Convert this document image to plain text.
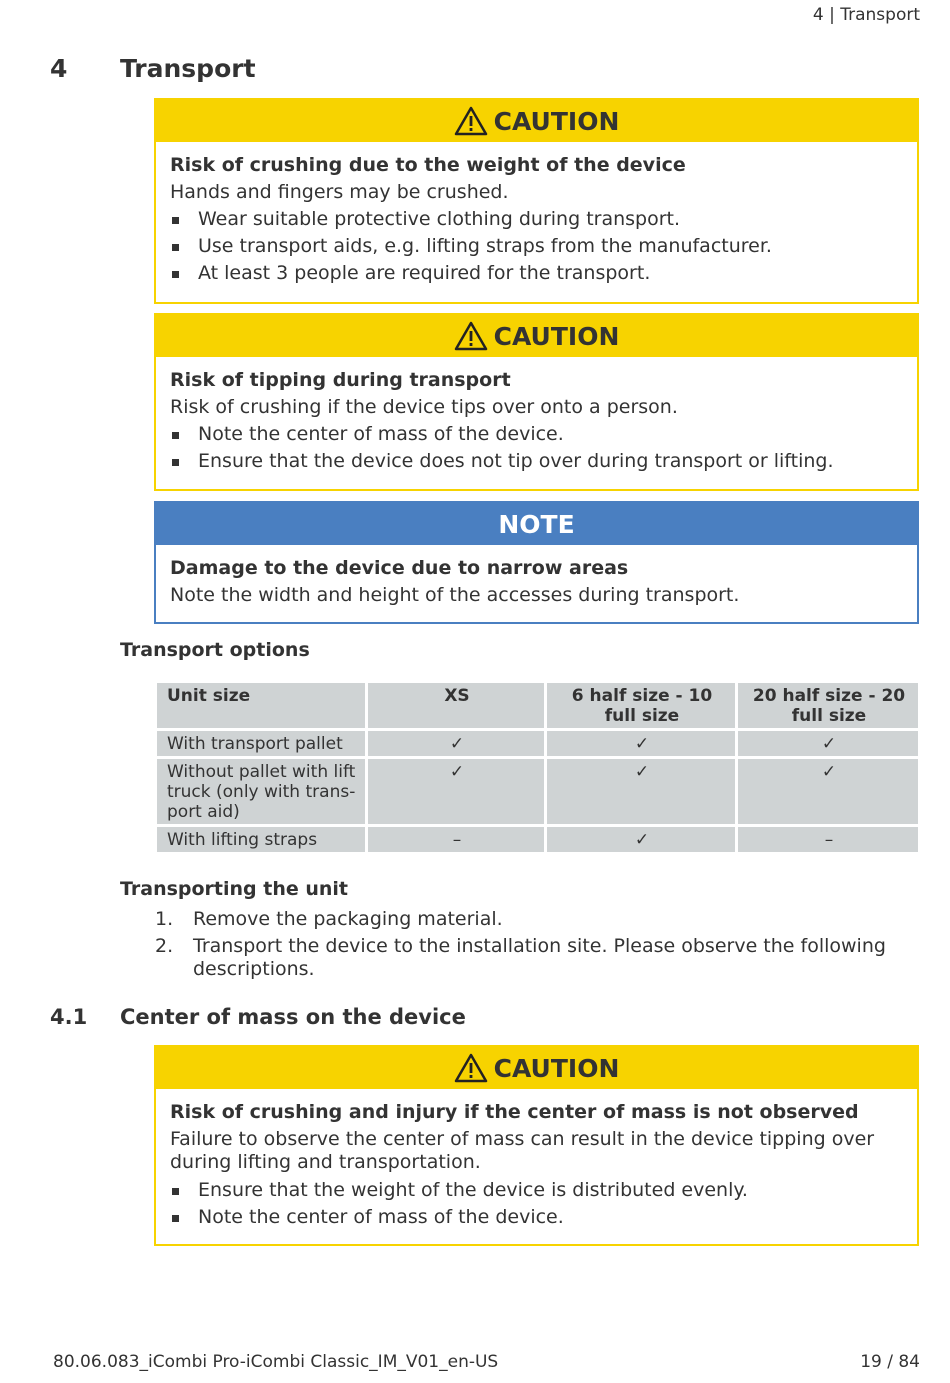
4 | Transport
4 Transport
CAUTION
Risk of crushing due to the weight of the device
Hands and fingers may be crushed.
Wear suitable protective clothing during transport.
Use transport aids, e.g. lifting straps from the manufacturer.
At least 3 people are required for the transport.
CAUTION
Risk of tipping during transport
Risk of crushing if the device tips over onto a person.
Note the center of mass of the device.
Ensure that the device does not tip over during transport or lifting.
NOTE
Damage to the device due to narrow areas
Note the width and height of the accesses during transport.
Transport options
Unit size	XS	6 half size - 10 full size	20 half size - 20 full size
With transport pallet	✓	✓	✓
Without pallet with lift truck (only with trans-port aid)	✓	✓	✓
With lifting straps	–	✓	–
Transporting the unit
1. Remove the packaging material.
2. Transport the device to the installation site. Please observe the following descriptions.
4.1 Center of mass on the device
CAUTION
Risk of crushing and injury if the center of mass is not observed
Failure to observe the center of mass can result in the device tipping over during lifting and transportation.
Ensure that the weight of the device is distributed evenly.
Note the center of mass of the device.
80.06.083_iCombi Pro-iCombi Classic_IM_V01_en-US	19 / 84
